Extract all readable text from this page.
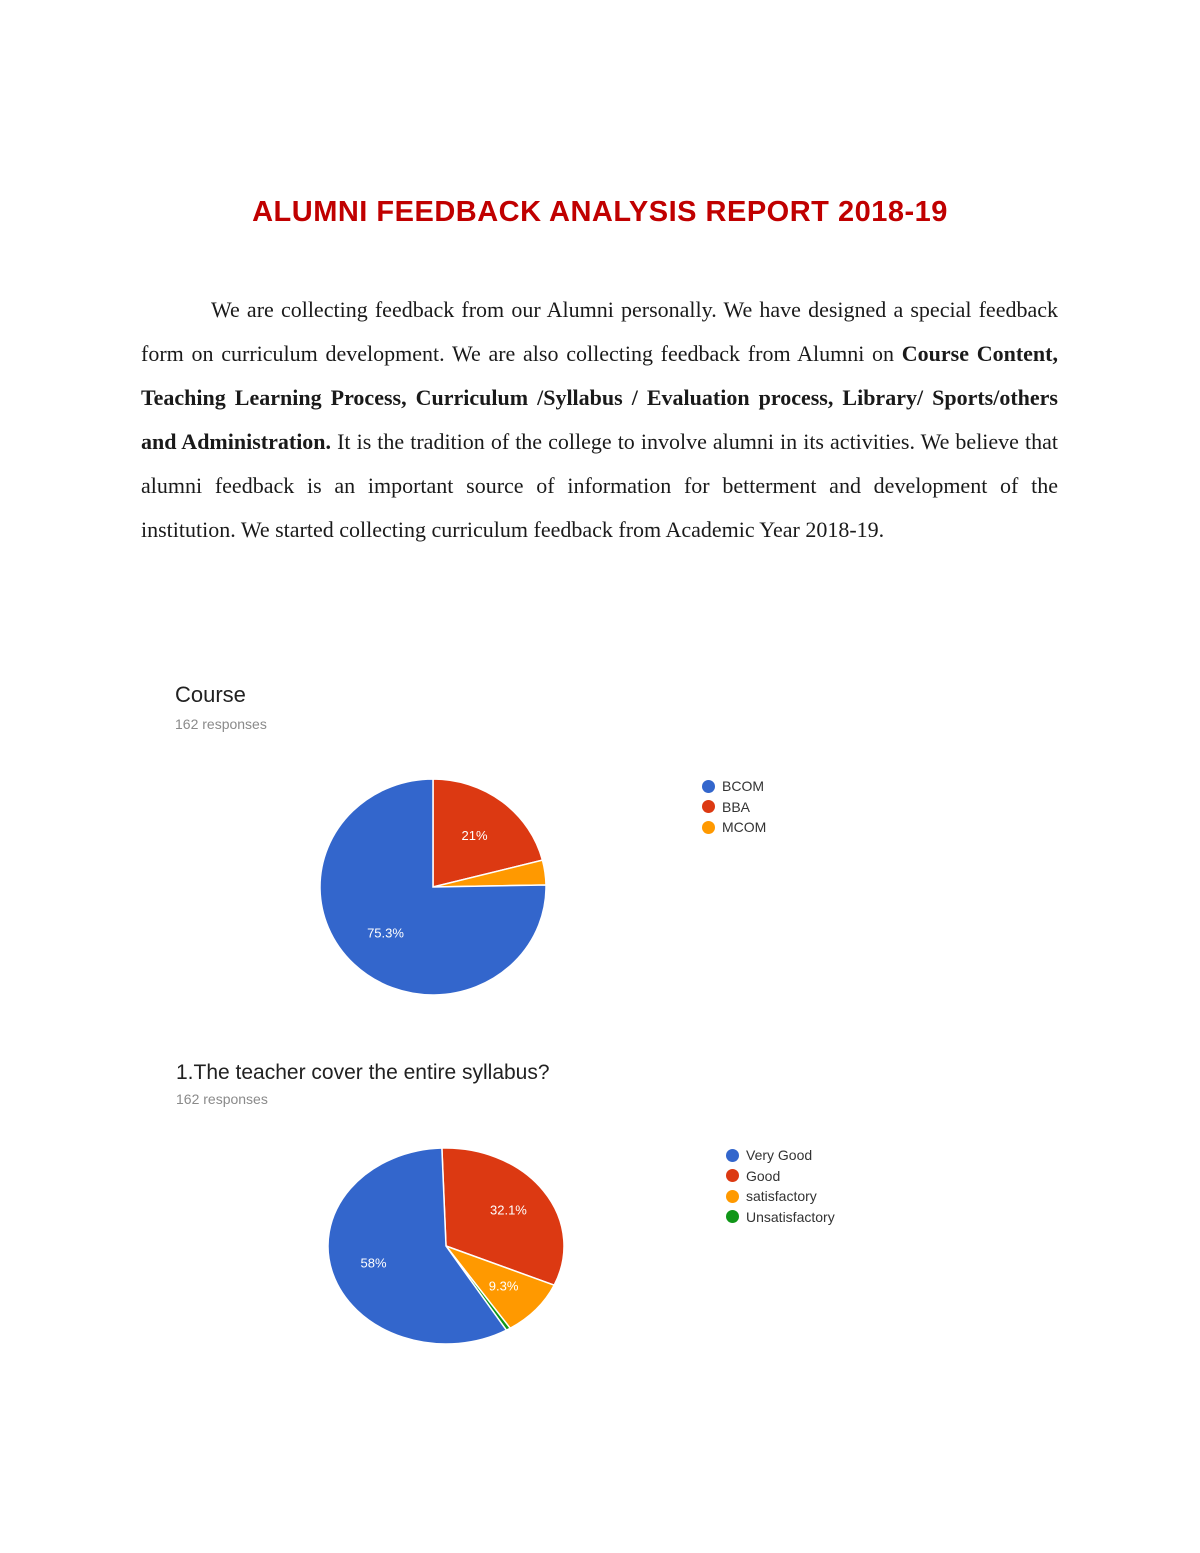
ALUMNI FEEDBACK ANALYSIS REPORT 2018-19

We are collecting feedback from our Alumni personally. We have designed a special feedback form on curriculum development. We are also collecting feedback from Alumni on Course Content, Teaching Learning Process, Curriculum /Syllabus / Evaluation process, Library/ Sports/others and Administration. It is the tradition of the college to involve alumni in its activities. We believe that alumni feedback is an important source of information for betterment and development of the institution. We started collecting curriculum feedback from Academic Year 2018-19.

Course
162 responses
21%
75.3%
BCOM
BBA
MCOM
1.The teacher cover the entire syllabus?
162 responses
32.1%
9.3%
58%
Very Good
Good
satisfactory
Unsatisfactory
